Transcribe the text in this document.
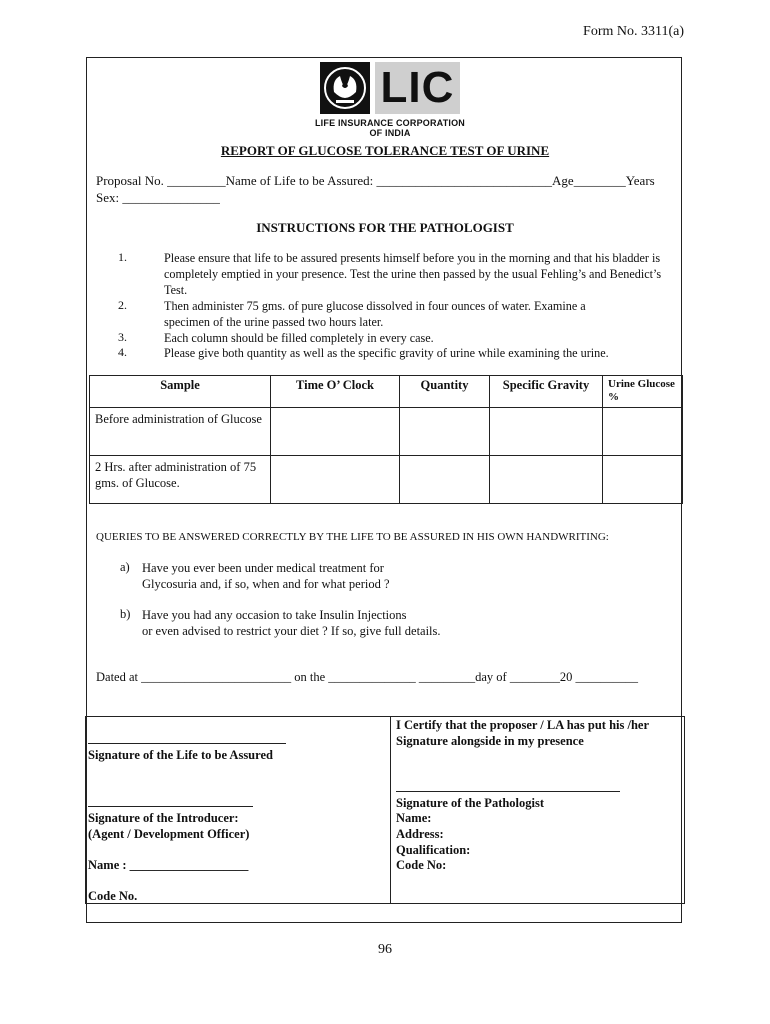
Form No. 3311(a)
LIC
LIFE INSURANCE CORPORATION OF INDIA
REPORT OF GLUCOSE TOLERANCE TEST OF URINE
Proposal No. _________Name of Life to be Assured: ___________________________Age________Years
Sex: _______________
INSTRUCTIONS FOR THE PATHOLOGIST
1.	Please ensure that life to be assured presents himself before you in the morning and that his bladder is completely emptied in your presence. Test the urine then passed by the usual Fehling’s and Benedict’s Test.
2.	Then administer 75 gms. of pure glucose dissolved in four ounces of water. Examine a specimen of the urine passed two hours later.
3.	Each column should be filled completely in every case.
4.	Please give both quantity as well as the specific gravity of urine while examining the urine.
Sample	Time O’ Clock	Quantity	Specific Gravity	Urine Glucose %
Before administration of Glucose				
2 Hrs. after administration of 75 gms. of Glucose.				
QUERIES TO BE ANSWERED CORRECTLY BY THE LIFE TO BE ASSURED IN HIS OWN HANDWRITING:
a) Have you ever been under medical treatment for
Glycosuria and, if so, when and for what period ?
b) Have you had any occasion to take Insulin Injections
or even advised to restrict your diet ? If so, give full details.
Dated at ________________________ on the ______________ _________day of ________20 __________
Signature of the Life to be Assured
Signature of the Introducer:
(Agent / Development Officer)
Name : ___________________
Code No.
I Certify that the proposer / LA has put his /her
Signature alongside in my presence
Signature of the Pathologist
Name:
Address:
Qualification:
Code No:
96
